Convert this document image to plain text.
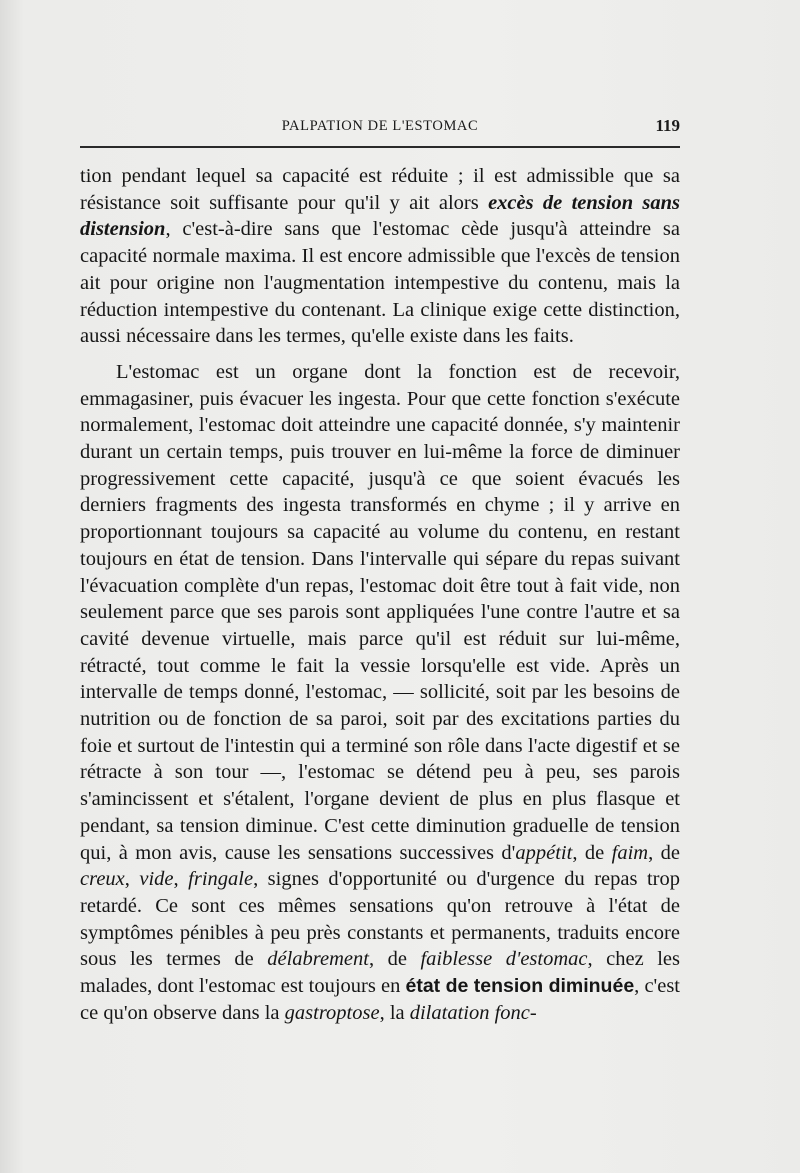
PALPATION DE L'ESTOMAC	119

tion pendant lequel sa capacité est réduite ; il est admissible que sa résistance soit suffisante pour qu'il y ait alors excès de tension sans distension, c'est-à-dire sans que l'estomac cède jusqu'à atteindre sa capacité normale maxima. Il est encore admissible que l'excès de tension ait pour origine non l'augmentation intempestive du contenu, mais la réduction intempestive du contenant. La clinique exige cette distinction, aussi nécessaire dans les termes, qu'elle existe dans les faits.

L'estomac est un organe dont la fonction est de recevoir, emmagasiner, puis évacuer les ingesta. Pour que cette fonction s'exécute normalement, l'estomac doit atteindre une capacité donnée, s'y maintenir durant un certain temps, puis trouver en lui-même la force de diminuer progressivement cette capacité, jusqu'à ce que soient évacués les derniers fragments des ingesta transformés en chyme ; il y arrive en proportionnant toujours sa capacité au volume du contenu, en restant toujours en état de tension. Dans l'intervalle qui sépare du repas suivant l'évacuation complète d'un repas, l'estomac doit être tout à fait vide, non seulement parce que ses parois sont appliquées l'une contre l'autre et sa cavité devenue virtuelle, mais parce qu'il est réduit sur lui-même, rétracté, tout comme le fait la vessie lorsqu'elle est vide. Après un intervalle de temps donné, l'estomac, — sollicité, soit par les besoins de nutrition ou de fonction de sa paroi, soit par des excitations parties du foie et surtout de l'intestin qui a terminé son rôle dans l'acte digestif et se rétracte à son tour —, l'estomac se détend peu à peu, ses parois s'amincissent et s'étalent, l'organe devient de plus en plus flasque et pendant, sa tension diminue. C'est cette diminution graduelle de tension qui, à mon avis, cause les sensations successives d'appétit, de faim, de creux, vide, fringale, signes d'opportunité ou d'urgence du repas trop retardé. Ce sont ces mêmes sensations qu'on retrouve à l'état de symptômes pénibles à peu près constants et permanents, traduits encore sous les termes de délabrement, de faiblesse d'estomac, chez les malades, dont l'estomac est toujours en état de tension diminuée, c'est ce qu'on observe dans la gastroptose, la dilatation fonc-
